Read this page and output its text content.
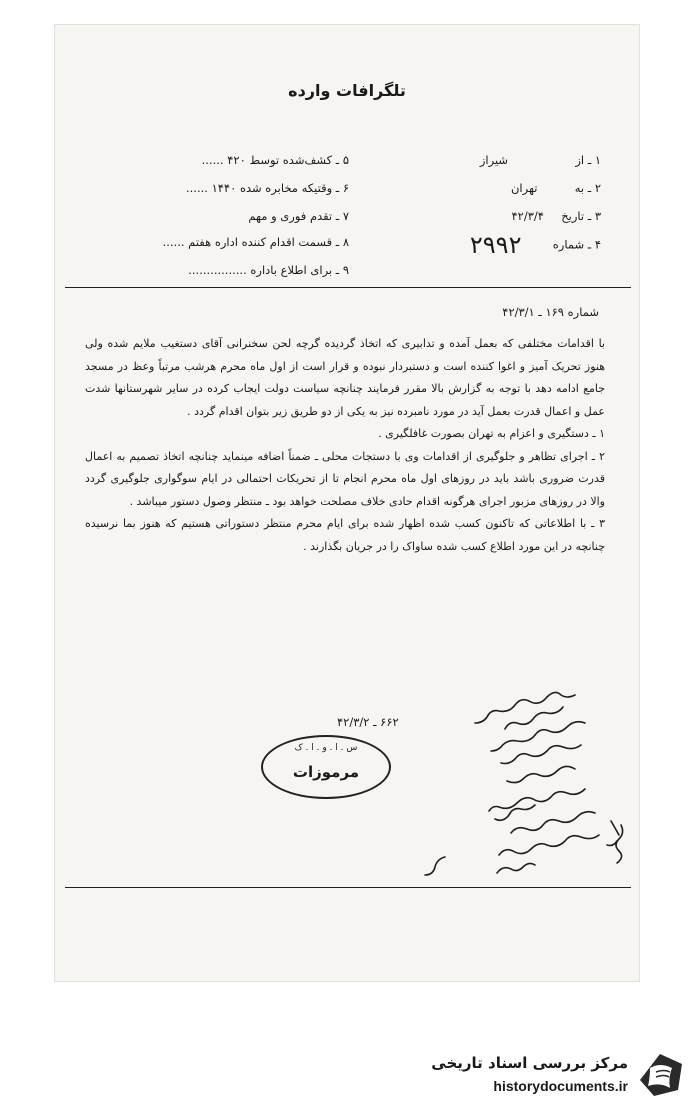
تلگرافات وارده
۱ ـ از  شیراز
۲ ـ به  تهران
۳ ـ تاریخ  ۴۲/۳/۴
۴ ـ شماره  ۲۹۹۲
۵ ـ کشف‌شده توسط ۴۲۰ ......
۶ ـ وقتیکه مخابره شده ۱۴۴۰ ......
۷ ـ تقدم فوری و مهم
۸ ـ قسمت اقدام کننده اداره هفتم ......
۹ ـ برای اطلاع باداره ................
شماره ۱۶۹ ـ ۴۲/۳/۱

با اقدامات مختلفی که بعمل آمده و تدابیری که اتخاذ گردیده گرچه لحن سخنرانی آقای دستغیب ملایم شده ولی هنوز تحریک آمیز و اغوا کننده است و دستبردار نبوده و قرار است از اول ماه محرم هرشب مرتباً وعظ در مسجد جامع ادامه دهد با توجه به گزارش بالا مقرر فرمایند چنانچه سیاست دولت ایجاب کرده در سایر شهرستانها شدت عمل و اعمال قدرت بعمل آید در مورد نامبرده نیز به یکی از دو طریق زیر بتوان اقدام گردد .

۱ ـ دستگیری و اعزام به تهران بصورت غافلگیری .

۲ ـ اجرای تظاهر و جلوگیری از اقدامات وی با دستجات محلی ـ ضمناً اضافه مینماید چنانچه اتخاذ تصمیم به اعمال قدرت ضروری باشد باید در روزهای اول ماه محرم انجام تا از تحریکات احتمالی در ایام سوگواری جلوگیری گردد والا در روزهای مزبور اجرای هرگونه اقدام حادی خلاف مصلحت خواهد بود ـ منتظر وصول دستور میباشد .

۳ ـ با اطلاعاتی که تاکنون کسب شده اظهار شده برای ایام محرم منتظر دستوراتی هستیم که هنوز بما نرسیده چنانچه در این مورد اطلاع کسب شده ساواک را در جریان بگذارند .

۶۶۲ ـ ۴۲/۳/۲
س . ا . و . ا . ک
مرموزات
مرکز بررسی اسناد تاریخی
historydocuments.ir
